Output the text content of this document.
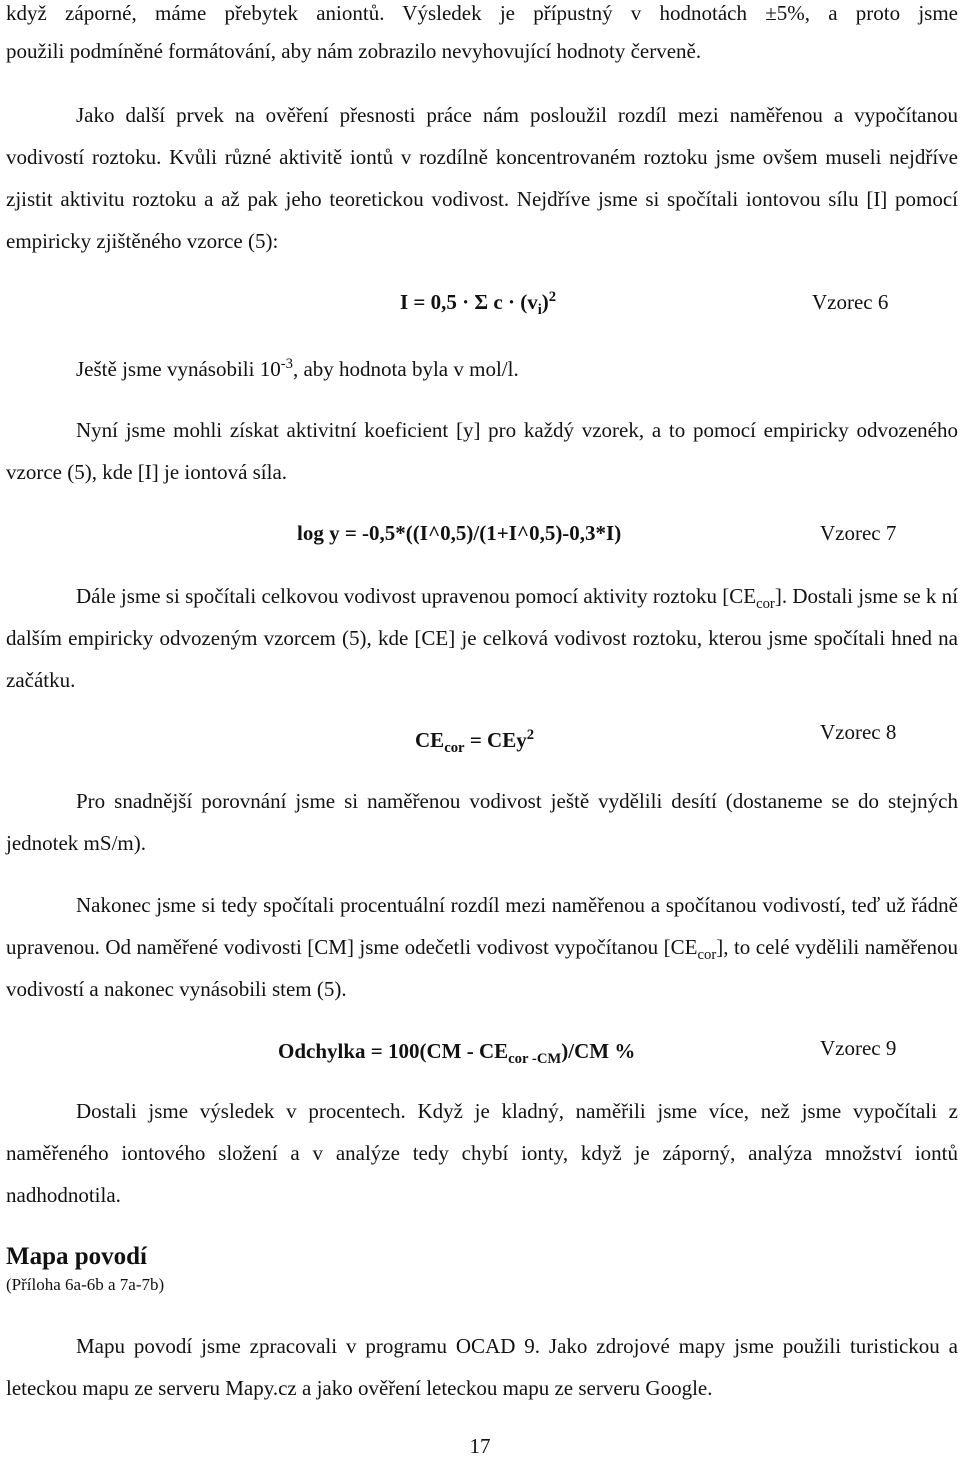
když záporné, máme přebytek aniontů. Výsledek je přípustný v hodnotách ±5%, a proto jsme

použili podmíněné formátování, aby nám zobrazilo nevyhovující hodnoty červeně.

Jako další prvek na ověření přesnosti práce nám posloužil rozdíl mezi naměřenou a vypočítanou vodivostí roztoku. Kvůli různé aktivitě iontů v rozdílně koncentrovaném roztoku jsme ovšem museli nejdříve zjistit aktivitu roztoku a až pak jeho teoretickou vodivost. Nejdříve jsme si spočítali iontovou sílu [I] pomocí empiricky zjištěného vzorce (5):

I = 0,5 · Σ $c \cdot (v_i)^2$	Vzorec 6

Ještě jsme vynásobili $10^{-3}$, aby hodnota byla v mol/l.

Nyní jsme mohli získat aktivitní koeficient [y] pro každý vzorek, a to pomocí empiricky odvozeného vzorce (5), kde [I] je iontová síla.

log y = -0,5*((I^0,5)/(1+I^0,5)-0,3*I)	Vzorec 7

Dále jsme si spočítali celkovou vodivost upravenou pomocí aktivity roztoku $[CE_{cor}]$. Dostali jsme se k ní dalším empiricky odvozeným vzorcem (5), kde [CE] je celková vodivost roztoku, kterou jsme spočítali hned na začátku.

$CE_{cor} = CEy^2$	Vzorec 8

Pro snadnější porovnání jsme si naměřenou vodivost ještě vydělili desítí (dostaneme se do stejných jednotek mS/m).

Nakonec jsme si tedy spočítali procentuální rozdíl mezi naměřenou a spočítanou vodivostí, teď už řádně upravenou. Od naměřené vodivosti [CM] jsme odečetli vodivost vypočítanou $[CE_{cor}]$, to celé vydělili naměřenou vodivostí a nakonec vynásobili stem (5).

Odchylka = $100(CM - CE_{cor -CM})/CM$ %	Vzorec 9

Dostali jsme výsledek v procentech. Když je kladný, naměřili jsme více, než jsme vypočítali z naměřeného iontového složení a v analýze tedy chybí ionty, když je záporný, analýza množství iontů nadhodnotila.

Mapa povodí
(Příloha 6a-6b a 7a-7b)

Mapu povodí jsme zpracovali v programu OCAD 9. Jako zdrojové mapy jsme použili turistickou a leteckou mapu ze serveru Mapy.cz a jako ověření leteckou mapu ze serveru Google.

17
